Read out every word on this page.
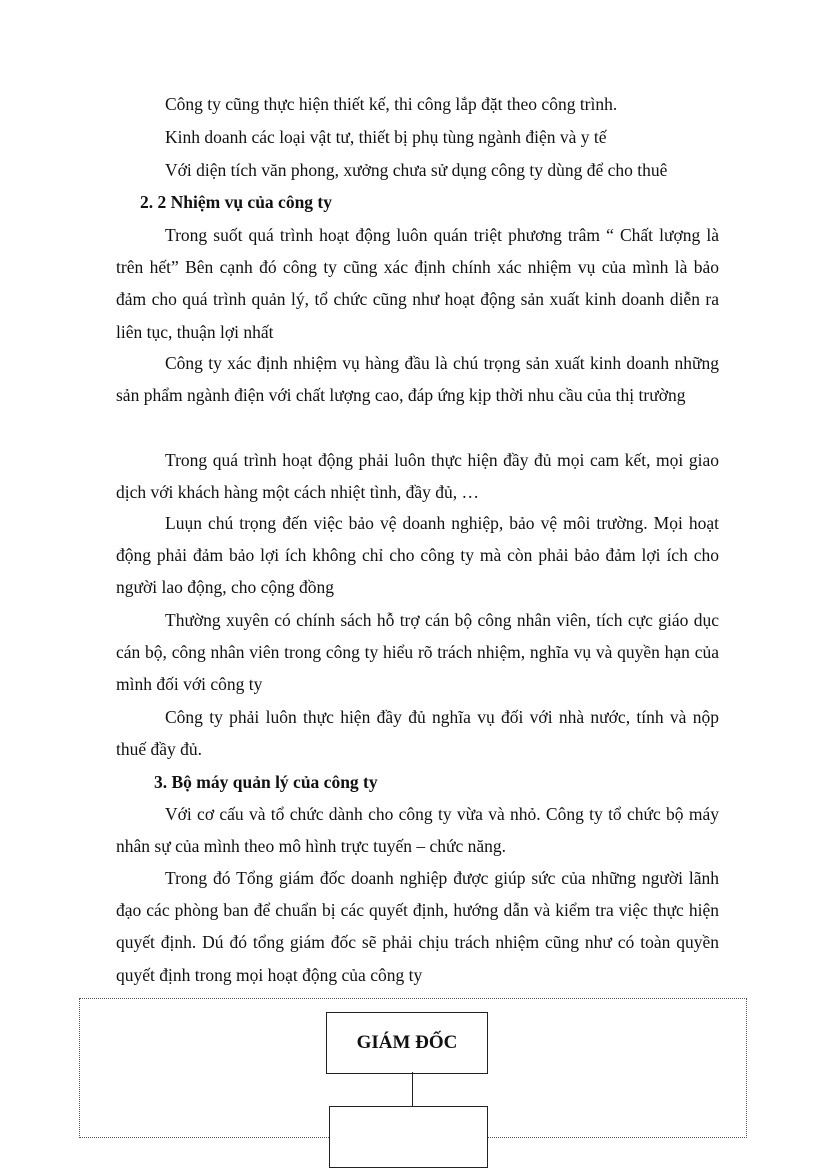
Công ty cũng thực hiện thiết kế, thi công lắp đặt theo công trình.

Kinh doanh các loại vật tư, thiết bị phụ tùng ngành điện và y tế

Với diện tích văn phong, xưởng chưa sử dụng công ty dùng để cho thuê

2. 2 Nhiệm vụ của công ty

Trong suốt quá trình hoạt động luôn quán triệt phương trâm “ Chất lượng là trên hết” Bên cạnh đó công ty cũng xác định chính xác nhiệm vụ của mình là bảo đảm cho quá trình quản lý, tổ chức cũng như hoạt động sản xuất kinh doanh diễn ra liên tục, thuận lợi nhất

Công ty xác định nhiệm vụ hàng đầu là chú trọng sản xuất kinh doanh những sản phẩm ngành điện với chất lượng cao, đáp ứng kịp thời nhu cầu của thị trường

Trong quá trình hoạt động phải luôn thực hiện đầy đủ mọi cam kết, mọi giao dịch với khách hàng một cách nhiệt tình, đầy đủ, …

Luụn chú trọng đến việc bảo vệ doanh nghiệp, bảo vệ môi trường. Mọi hoạt động phải đảm bảo lợi ích không chỉ cho công ty mà còn phải bảo đảm lợi ích cho người lao động, cho cộng đồng

Thường xuyên có chính sách hỗ trợ cán bộ công nhân viên, tích cực giáo dục cán bộ, công nhân viên trong công ty hiểu rõ trách nhiệm, nghĩa vụ và quyền hạn của mình đối với công ty

Công ty phải luôn thực hiện đầy đủ nghĩa vụ đối với nhà nước, tính và nộp thuế đầy đủ.

3. Bộ máy quản lý của công ty

Với cơ cấu và tổ chức dành cho công ty vừa và nhỏ. Công ty tổ chức bộ máy nhân sự của mình theo mô hình trực tuyến – chức năng.

Trong đó Tổng giám đốc doanh nghiệp được giúp sức của những người lãnh đạo các phòng ban để chuẩn bị các quyết định, hướng dẫn và kiểm tra việc thực hiện quyết định. Dú đó tổng giám đốc sẽ phải chịu trách nhiệm cũng như có toàn quyền quyết định trong mọi hoạt động của công ty

GIÁM ĐỐC
